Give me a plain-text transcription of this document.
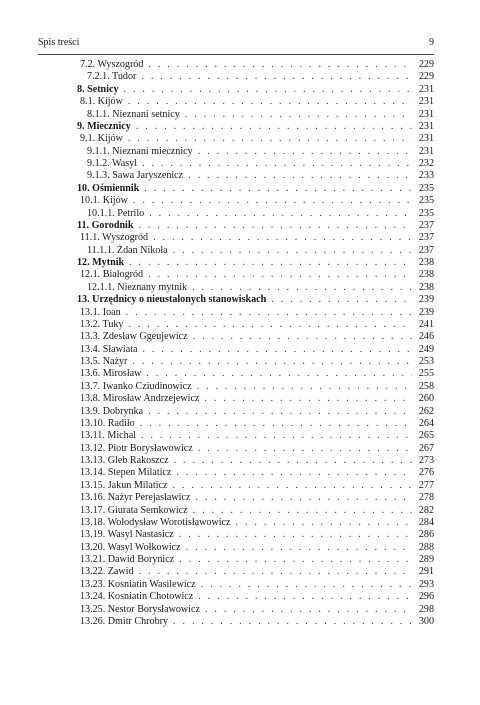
Spis treści	9
7.2. Wyszogród . . .	229
7.2.1. Tudor . . .	229
8. Setnicy . . .	231
8.1. Kijów . . .	231
8.1.1. Nieznani setnicy . . .	231
9. Miecznicy . . .	231
9.1. Kijów . . .	231
9.1.1. Nieznani miecznicy . . .	231
9.1.2. Wasyl . . .	232
9.1.3. Sawa Jaryszenicz . . .	233
10. Ośmiennik . . .	235
10.1. Kijów . . .	235
10.1.1. Petrilo . . .	235
11. Gorodnik . . .	237
11.1. Wyszogród . . .	237
11.1.1. Żdan Nikoła . . .	237
12. Mytnik . . .	238
12.1. Białogród . . .	238
12.1.1. Nieznany mytnik . . .	238
13. Urzędnicy o nieustalonych stanowiskach . . .	239
13.1. Ioan . . .	239
13.2. Tuky . . .	241
13.3. Zdesław Ggeujewicz . . .	246
13.4. Sławiata . . .	249
13.5. Nażyr . . .	253
13.6. Mirosław . . .	255
13.7. Iwanko Cziudinowicz . . .	258
13.8. Mirosław Andrzejewicz . . .	260
13.9. Dobrynka . . .	262
13.10. Radiło . . .	264
13.11. Michal . . .	265
13.12. Piotr Borysławowicz . . .	267
13.13. Gleb Rakoszcz . . .	273
13.14. Stepen Milaticz . . .	276
13.15. Jakun Milaticz . . .	277
13.16. Nażyr Perejasławicz . . .	278
13.17. Giurata Semkowicz . . .	282
13.18. Wołodysław Worotisławowicz . . .	284
13.19. Wasyl Nastasicz . . .	286
13.20. Wasyl Wołkowicz . . .	288
13.21. Dawid Borynicz . . .	289
13.22. Zawid . . .	291
13.23. Kosniatin Wasilewicz . . .	293
13.24. Kosniatin Chotowicz . . .	296
13.25. Nestor Borysławowicz . . .	298
13.26. Dmitr Chrobry . . .	300
